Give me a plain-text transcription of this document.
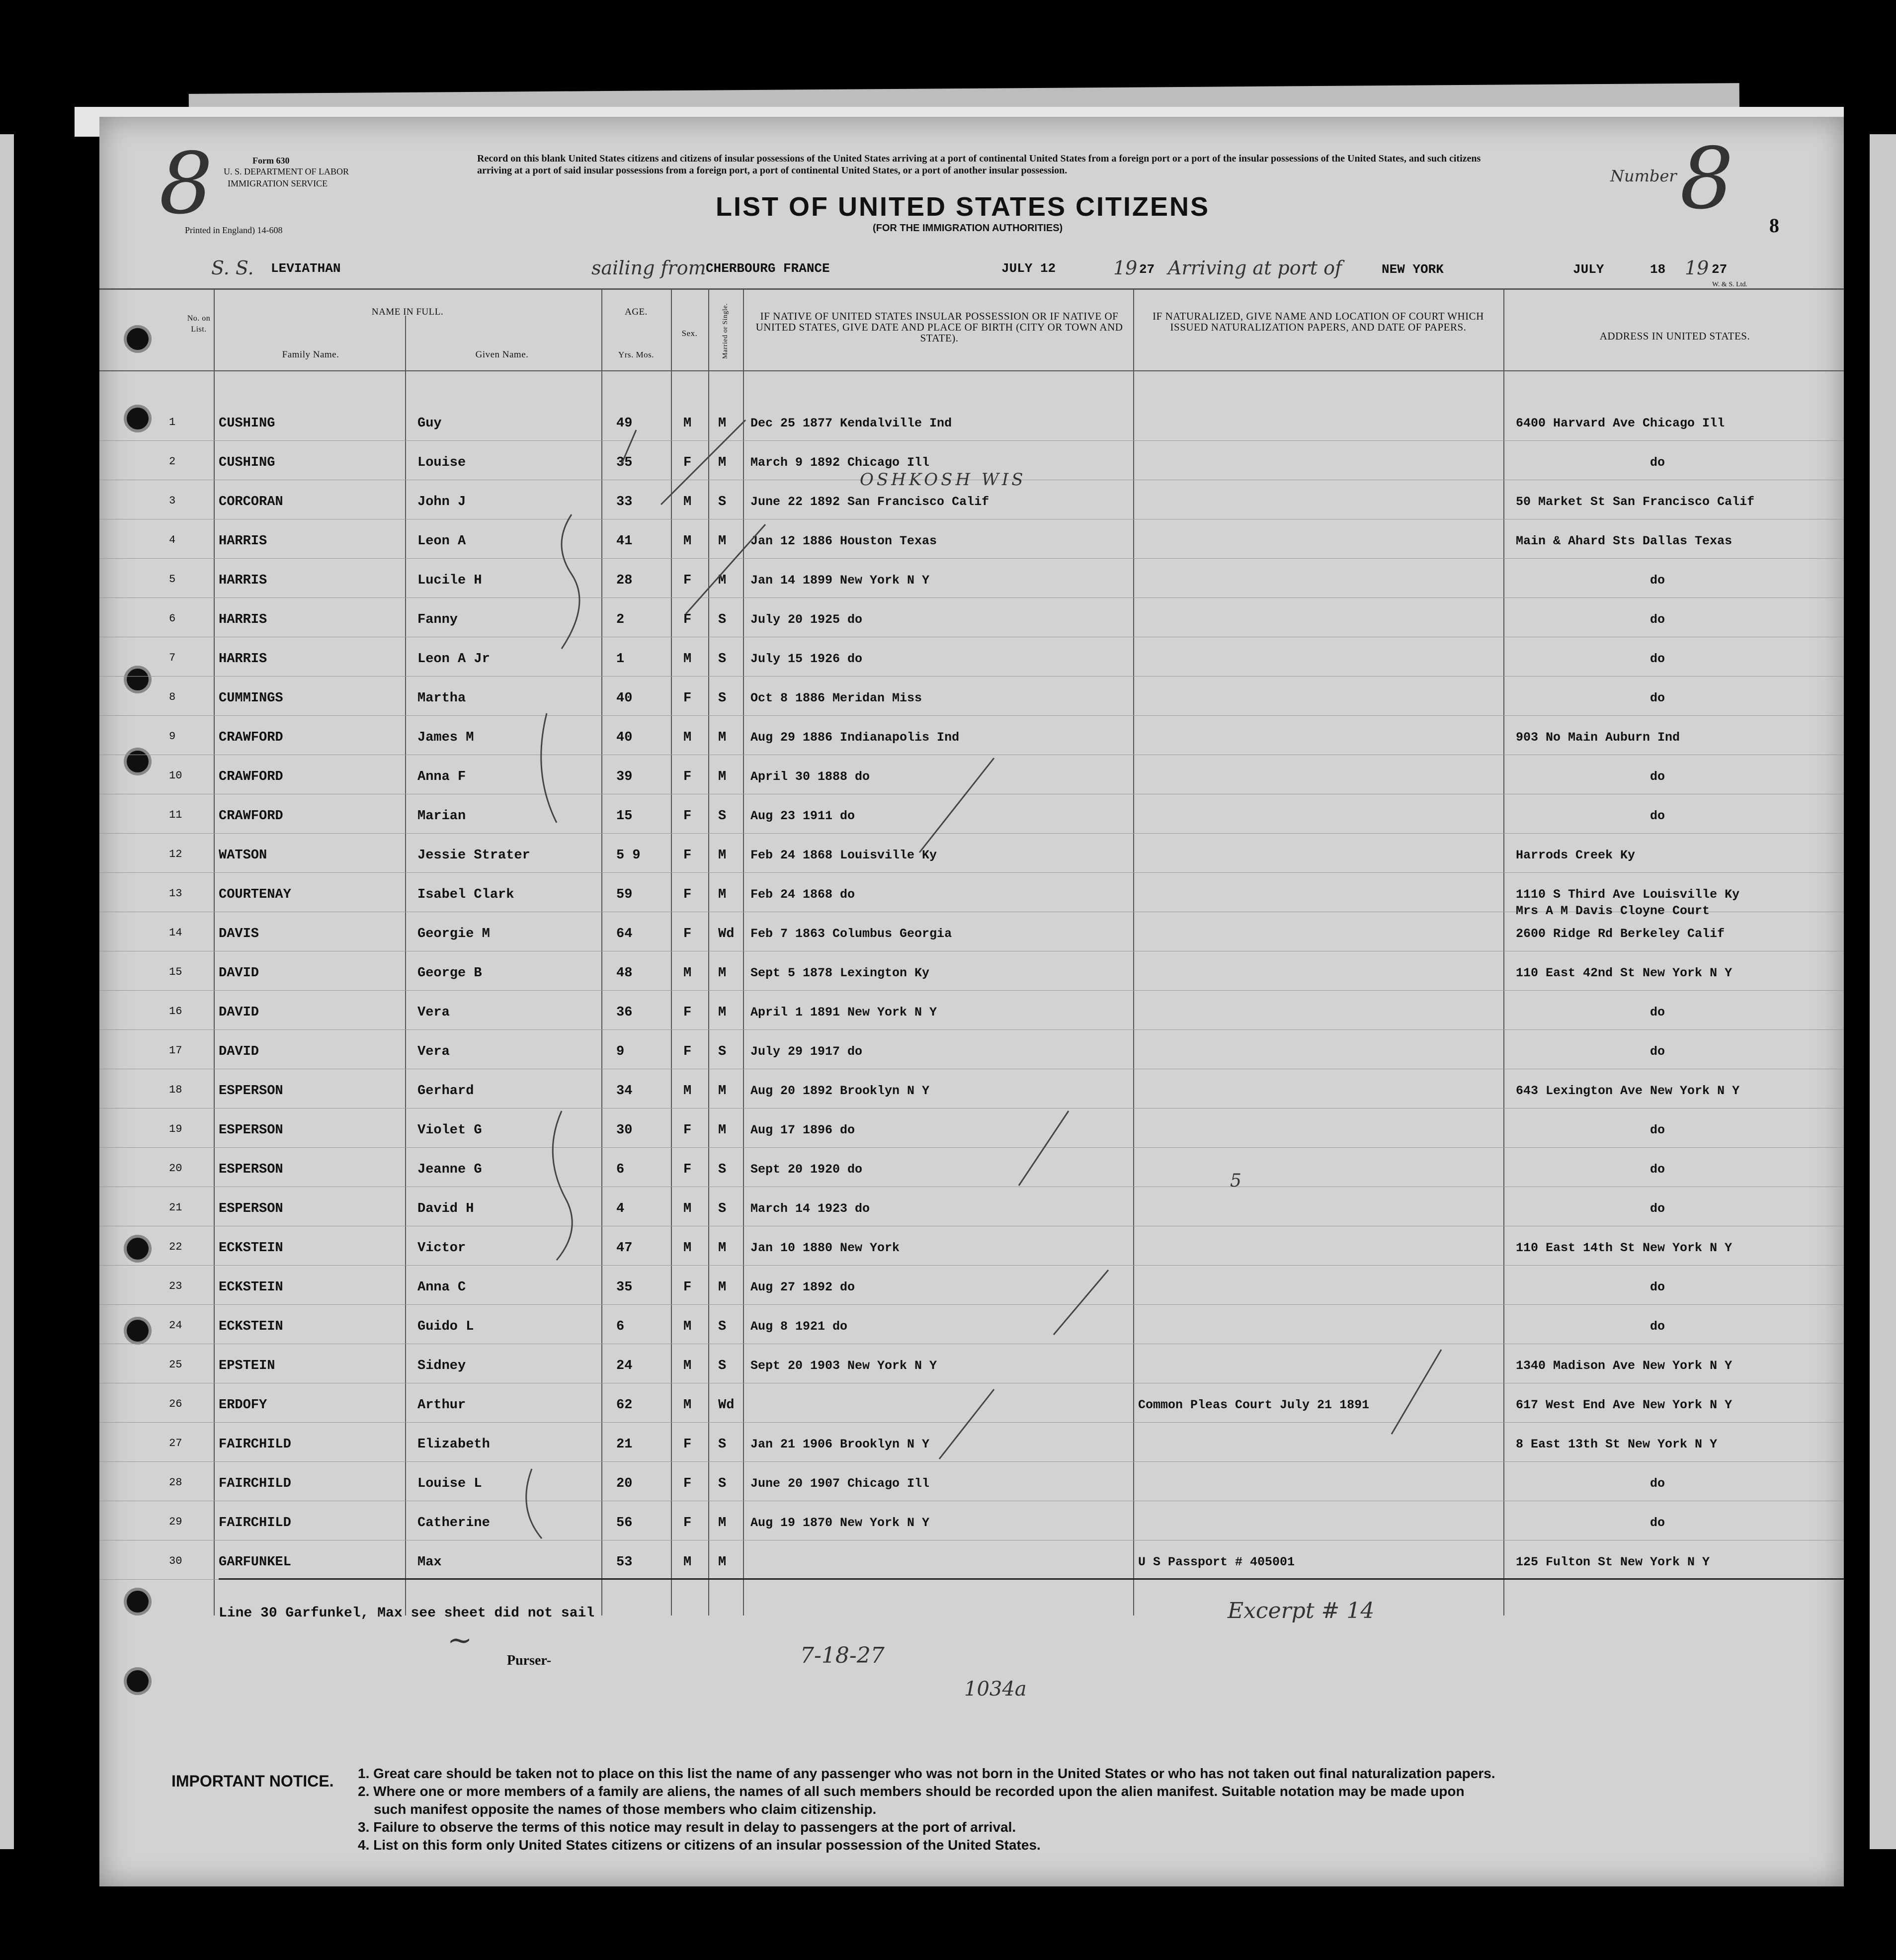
8	Form 630
U. S. DEPARTMENT OF LABOR
IMMIGRATION SERVICE
Printed in England) 14-608
Record on this blank United States citizens and citizens of insular possessions of the United States arriving at a port of continental United States from a foreign port or a port of the insular possessions of the United States, and such citizens arriving at a port of said insular possessions from a foreign port, a port of continental United States, or a port of another insular possession.
LIST OF UNITED STATES CITIZENS
(FOR THE IMMIGRATION AUTHORITIES)
Number 8 8
S. S. LEVIATHAN	sailing from CHERBOURG FRANCE	JULY 12	19 27 Arriving at port of	NEW YORK	JULY	18 19 27
W. & S. Ltd.
No. on List.
NAME IN FULL.
Family Name.	Given Name.
AGE.
Yrs. Mos.
Sex.	Married or Single.	IF NATIVE OF UNITED STATES INSULAR POSSESSION OR IF NATIVE OF UNITED STATES, GIVE DATE AND PLACE OF BIRTH (CITY OR TOWN AND STATE).
IF NATURALIZED, GIVE NAME AND LOCATION OF COURT WHICH ISSUED NATURALIZATION PAPERS, AND DATE OF PAPERS.
ADDRESS IN UNITED STATES.
1	CUSHING	Guy	49	M M Dec 25 1877 Kendalville Ind	6400 Harvard Ave Chicago Ill
2	CUSHING	Louise	35	F M March 9 1892 Chicago Ill	do
3	CORCORAN	John J	33	M S June 22 1892 San Francisco Calif	50 Market St San Francisco Calif
4	HARRIS	Leon A	41	M M Jan 12 1886 Houston Texas	Main & Ahard Sts Dallas Texas
5	HARRIS	Lucile H	28	F M Jan 14 1899 New York N Y	do
6	HARRIS	Fanny	2	F S July 20 1925 do	do
7	HARRIS	Leon A Jr	1	M S July 15 1926 do	do
8	CUMMINGS	Martha	40	F S Oct 8 1886 Meridan Miss	do
9	CRAWFORD	James M	40	M M Aug 29 1886 Indianapolis Ind	903 No Main Auburn Ind
10	CRAWFORD	Anna F	39	F M April 30 1888 do	do
11	CRAWFORD	Marian	15	F S Aug 23 1911 do	do
12	WATSON	Jessie Strater	5 9	F M Feb 24 1868 Louisville Ky	Harrods Creek Ky
13	COURTENAY	Isabel Clark	59	F M Feb 24 1868 do	1110 S Third Ave Louisville Ky
14	DAVIS	Georgie M	64	F Wd Feb 7 1863 Columbus Georgia	2600 Ridge Rd Berkeley Calif
Mrs A M Davis Cloyne Court
15	DAVID	George B	48	M M Sept 5 1878 Lexington Ky	110 East 42nd St New York N Y
16	DAVID	Vera	36	F M April 1 1891 New York N Y	do
17	DAVID	Vera	9	F S July 29 1917 do	do
18	ESPERSON	Gerhard	34	M M Aug 20 1892 Brooklyn N Y	643 Lexington Ave New York N Y
19	ESPERSON	Violet G	30	F M Aug 17 1896 do	do
20	ESPERSON	Jeanne G	6	F S Sept 20 1920 do	do
21	ESPERSON	David H	4	M S March 14 1923 do	do
22	ECKSTEIN	Victor	47	M M Jan 10 1880 New York	110 East 14th St New York N Y
23	ECKSTEIN	Anna C	35	F M Aug 27 1892 do	do
24	ECKSTEIN	Guido L	6	M S Aug 8 1921 do	do
25	EPSTEIN	Sidney	24	M S Sept 20 1903 New York N Y	1340 Madison Ave New York N Y
26	ERDOFY	Arthur	62	M Wd	Common Pleas Court July 21 1891	617 West End Ave New York N Y
27	FAIRCHILD	Elizabeth	21	F S Jan 21 1906 Brooklyn N Y	8 East 13th St New York N Y
28	FAIRCHILD	Louise L	20	F S June 20 1907 Chicago Ill	do
29	FAIRCHILD	Catherine	56	F M Aug 19 1870 New York N Y	do
30	GARFUNKEL	Max	53	M M	U S Passport # 405001	125 Fulton St New York N Y
OSHKOSH WIS
5
Line 30 Garfunkel, Max see sheet did not sail
~
Purser-	7-18-27
1034a
Excerpt # 14
IMPORTANT NOTICE. 1. Great care should be taken not to place on this list the name of any passenger who was not born in the United States or who has not taken out final naturalization papers.
2. Where one or more members of a family are aliens, the names of all such members should be recorded upon the alien manifest. Suitable notation may be made upon
such manifest opposite the names of those members who claim citizenship.
3. Failure to observe the terms of this notice may result in delay to passengers at the port of arrival.
4. List on this form only United States citizens or citizens of an insular possession of the United States.
